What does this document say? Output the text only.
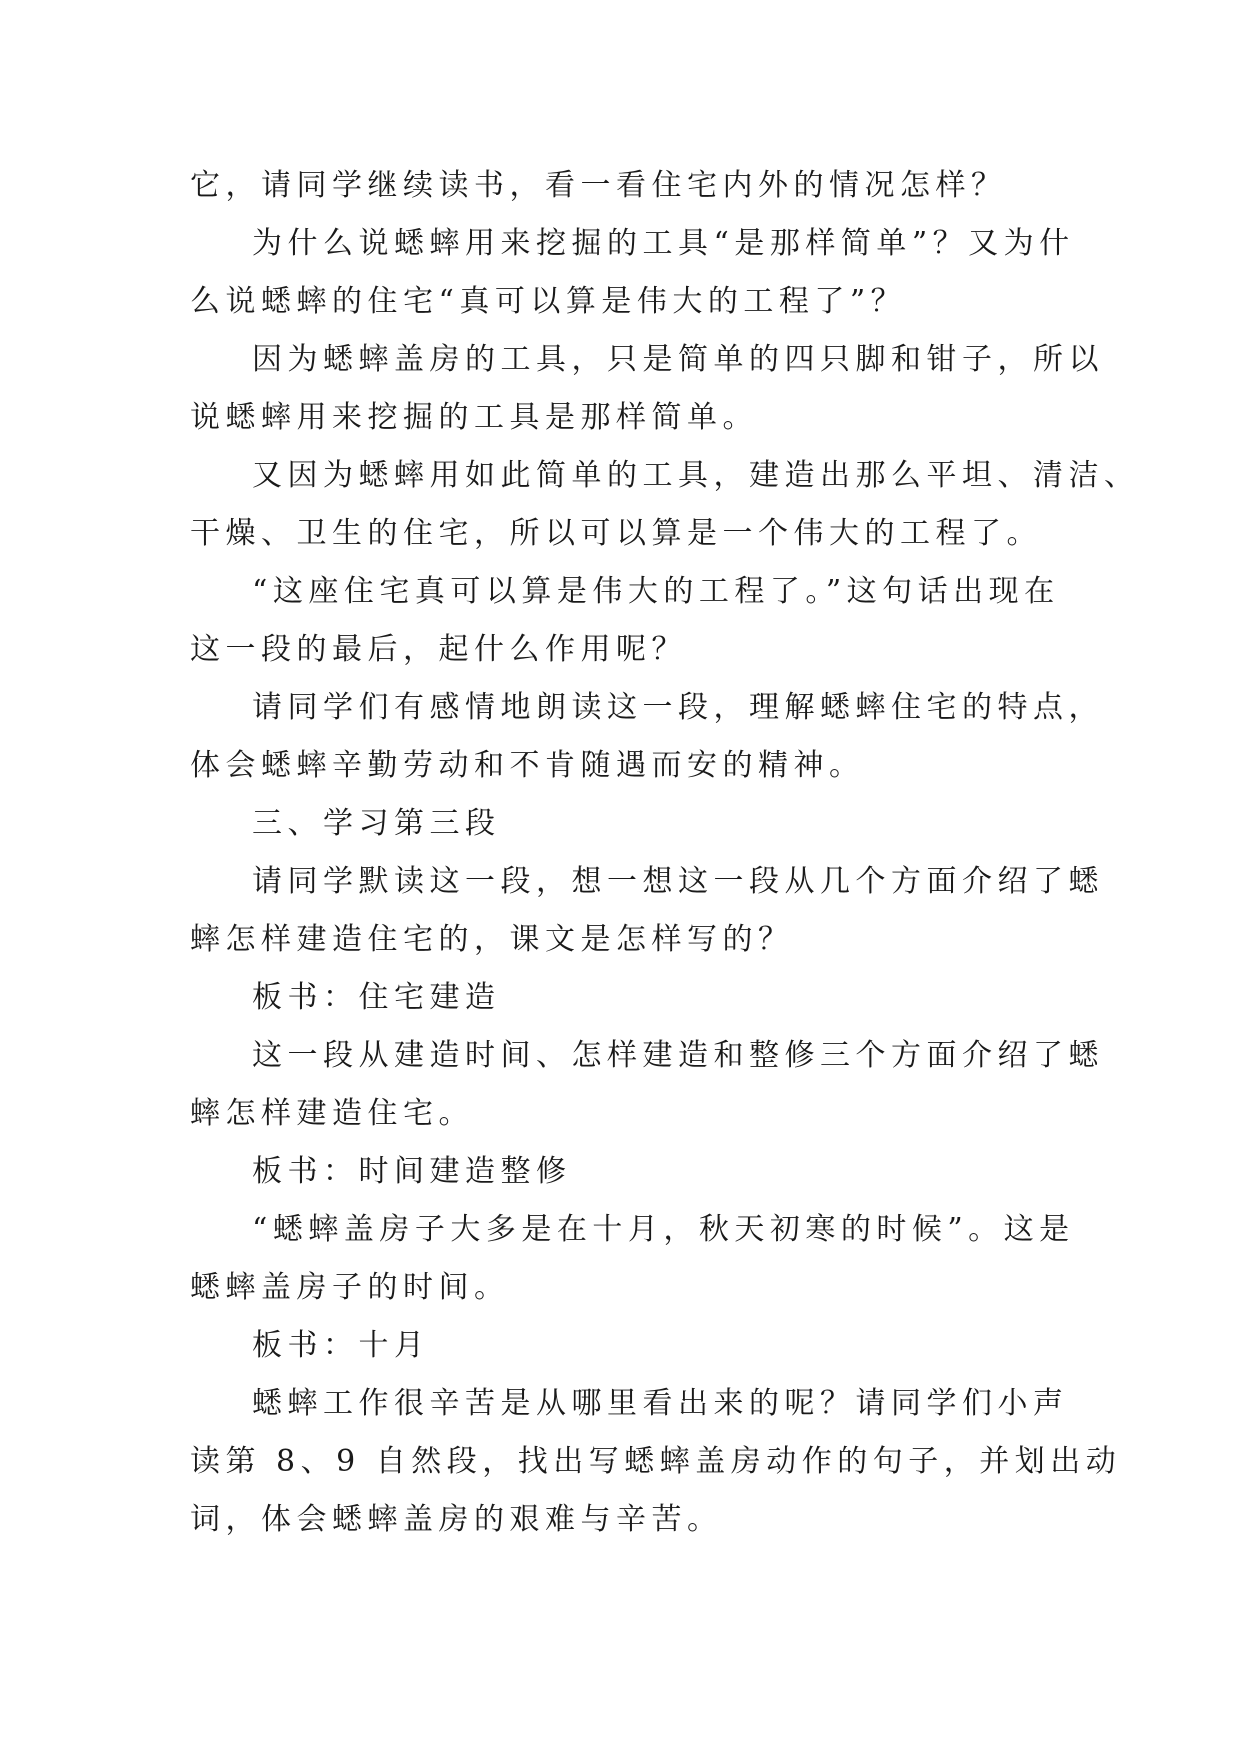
它，请同学继续读书，看一看住宅内外的情况怎样？
为什么说蟋蟀用来挖掘的工具“是那样简单”？又为什
么说蟋蟀的住宅“真可以算是伟大的工程了”？
因为蟋蟀盖房的工具，只是简单的四只脚和钳子，所以
说蟋蟀用来挖掘的工具是那样简单。
又因为蟋蟀用如此简单的工具，建造出那么平坦、清洁、
干燥、卫生的住宅，所以可以算是一个伟大的工程了。
“这座住宅真可以算是伟大的工程了。”这句话出现在
这一段的最后，起什么作用呢？
请同学们有感情地朗读这一段，理解蟋蟀住宅的特点，
体会蟋蟀辛勤劳动和不肯随遇而安的精神。
三、学习第三段
请同学默读这一段，想一想这一段从几个方面介绍了蟋
蟀怎样建造住宅的，课文是怎样写的？
板书：住宅建造
这一段从建造时间、怎样建造和整修三个方面介绍了蟋
蟀怎样建造住宅。
板书：时间建造整修
“蟋蟀盖房子大多是在十月，秋天初寒的时候”。这是
蟋蟀盖房子的时间。
板书：十月
蟋蟀工作很辛苦是从哪里看出来的呢？请同学们小声
读第 8、9 自然段，找出写蟋蟀盖房动作的句子，并划出动
词，体会蟋蟀盖房的艰难与辛苦。
